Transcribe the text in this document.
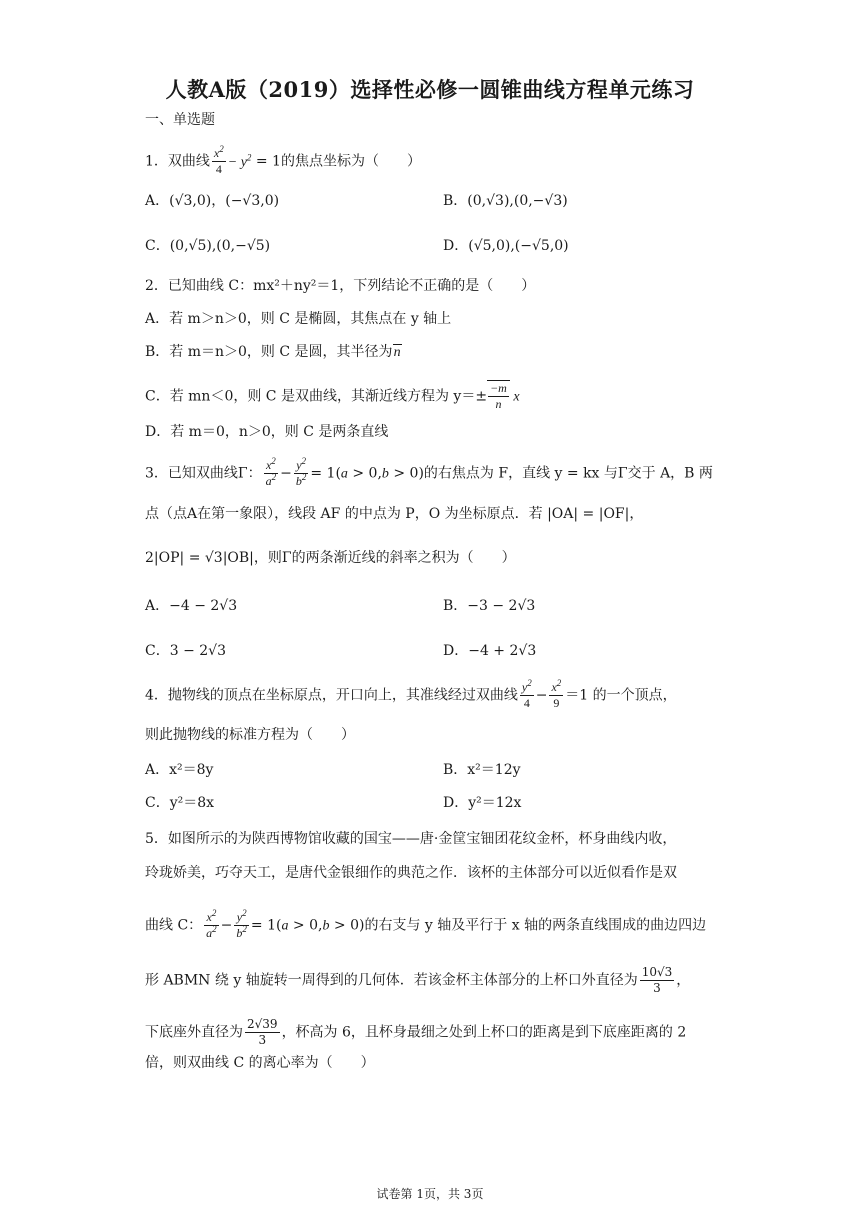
人教A版（2019）选择性必修一圆锥曲线方程单元练习
一、单选题
1．双曲线 $\frac{x^2}{4} - y^2 = 1$的焦点坐标为（　　）
A．(√3,0)，(−√3,0)	B．(0,√3),(0,−√3)
C．(0,√5),(0,−√5)	D．(√5,0),(−√5,0)
2．已知曲线 C：mx²＋ny²＝1，下列结论不正确的是（　　）
A．若 m＞n＞0，则 C 是椭圆，其焦点在 y 轴上
B．若 m＝n＞0，则 C 是圆，其半径为n
C．若 mn＜0，则 C 是双曲线，其渐近线方程为 $y=\pm \frac{-m}{n}$ x
D．若 m＝0，n＞0，则 C 是两条直线
3．已知双曲线Γ： $\frac{x^2}{a^2} - \frac{y^2}{b^2} = 1(a > 0,b > 0)$的右焦点为 F，直线 y = kx 与Γ交于 A，B 两
点（点A在第一象限），线段 AF 的中点为 P，O 为坐标原点．若 |OA| = |OF|，
2|OP| = √3|OB|，则Γ的两条渐近线的斜率之积为（　　）
A．−4 − 2√3	B．−3 − 2√3
C．3 − 2√3	D．−4 + 2√3
4．抛物线的顶点在坐标原点，开口向上，其准线经过双曲线 $\frac{y^2}{4} - \frac{x^2}{9} =1$ 的一个顶点，
则此抛物线的标准方程为（　　）
A．x²＝8y	B．x²＝12y
C．y²＝8x	D．y²＝12x
5．如图所示的为陕西博物馆收藏的国宝——唐·金筐宝钿团花纹金杯，杯身曲线内收，
玲珑娇美，巧夺天工，是唐代金银细作的典范之作．该杯的主体部分可以近似看作是双
曲线 C： $\frac{x^2}{a^2} - \frac{y^2}{b^2} = 1(a > 0,b > 0)$的右支与 y 轴及平行于 x 轴的两条直线围成的曲边四边
形 ABMN 绕 y 轴旋转一周得到的几何体．若该金杯主体部分的上杯口外直径为 $\frac{10√3}{3}$ ，
下底座外直径为 $\frac{2√39}{3}$ ，杯高为 6，且杯身最细之处到上杯口的距离是到下底座距离的 2
倍，则双曲线 C 的离心率为（　　）
试卷第 1页，共 3页
